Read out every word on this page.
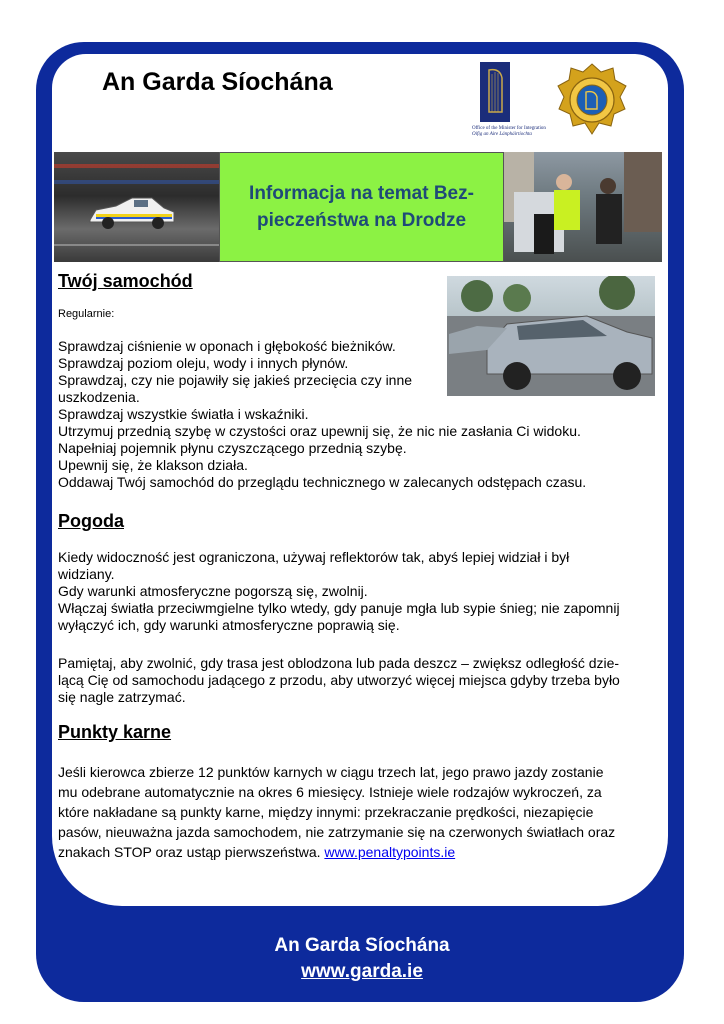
An Garda Síochána
Office of the Minister for Integration
Oifig an Aire Lánpháirtíochta
Informacja na temat Bez-
pieczeństwa na Drodze
Twój samochód
Regularnie:
Sprawdzaj ciśnienie w oponach i głębokość bieżników.
Sprawdzaj poziom oleju, wody i innych płynów.
Sprawdzaj, czy nie pojawiły się jakieś przecięcia czy inne
uszkodzenia.
Sprawdzaj wszystkie światła i wskaźniki.
Utrzymuj przednią szybę w czystości oraz upewnij się, że nic nie zasłania Ci widoku.
Napełniaj pojemnik płynu czyszczącego przednią szybę.
Upewnij się, że klakson działa.
Oddawaj Twój samochód do przeglądu technicznego w zalecanych odstępach czasu.
Pogoda
Kiedy widoczność jest ograniczona, używaj reflektorów tak, abyś lepiej widział i był
widziany.
Gdy warunki atmosferyczne pogorszą się, zwolnij.
Włączaj światła przeciwmgielne tylko wtedy, gdy panuje mgła lub sypie śnieg; nie zapomnij
wyłączyć ich, gdy warunki atmosferyczne poprawią się.
Pamiętaj, aby zwolnić, gdy trasa jest oblodzona lub pada deszcz – zwiększ odległość dzie-
lącą Cię od samochodu jadącego z przodu, aby utworzyć więcej miejsca gdyby trzeba było
się nagle zatrzymać.
Punkty karne
Jeśli kierowca zbierze 12 punktów karnych w ciągu trzech lat, jego prawo jazdy zostanie
mu odebrane automatycznie na okres 6 miesięcy. Istnieje wiele rodzajów wykroczeń, za
które nakładane są punkty karne, między innymi: przekraczanie prędkości, niezapięcie
pasów, nieuważna jazda samochodem, nie zatrzymanie się na czerwonych światłach oraz
znakach STOP oraz ustąp pierwszeństwa. www.penaltypoints.ie
An Garda Síochána
www.garda.ie
